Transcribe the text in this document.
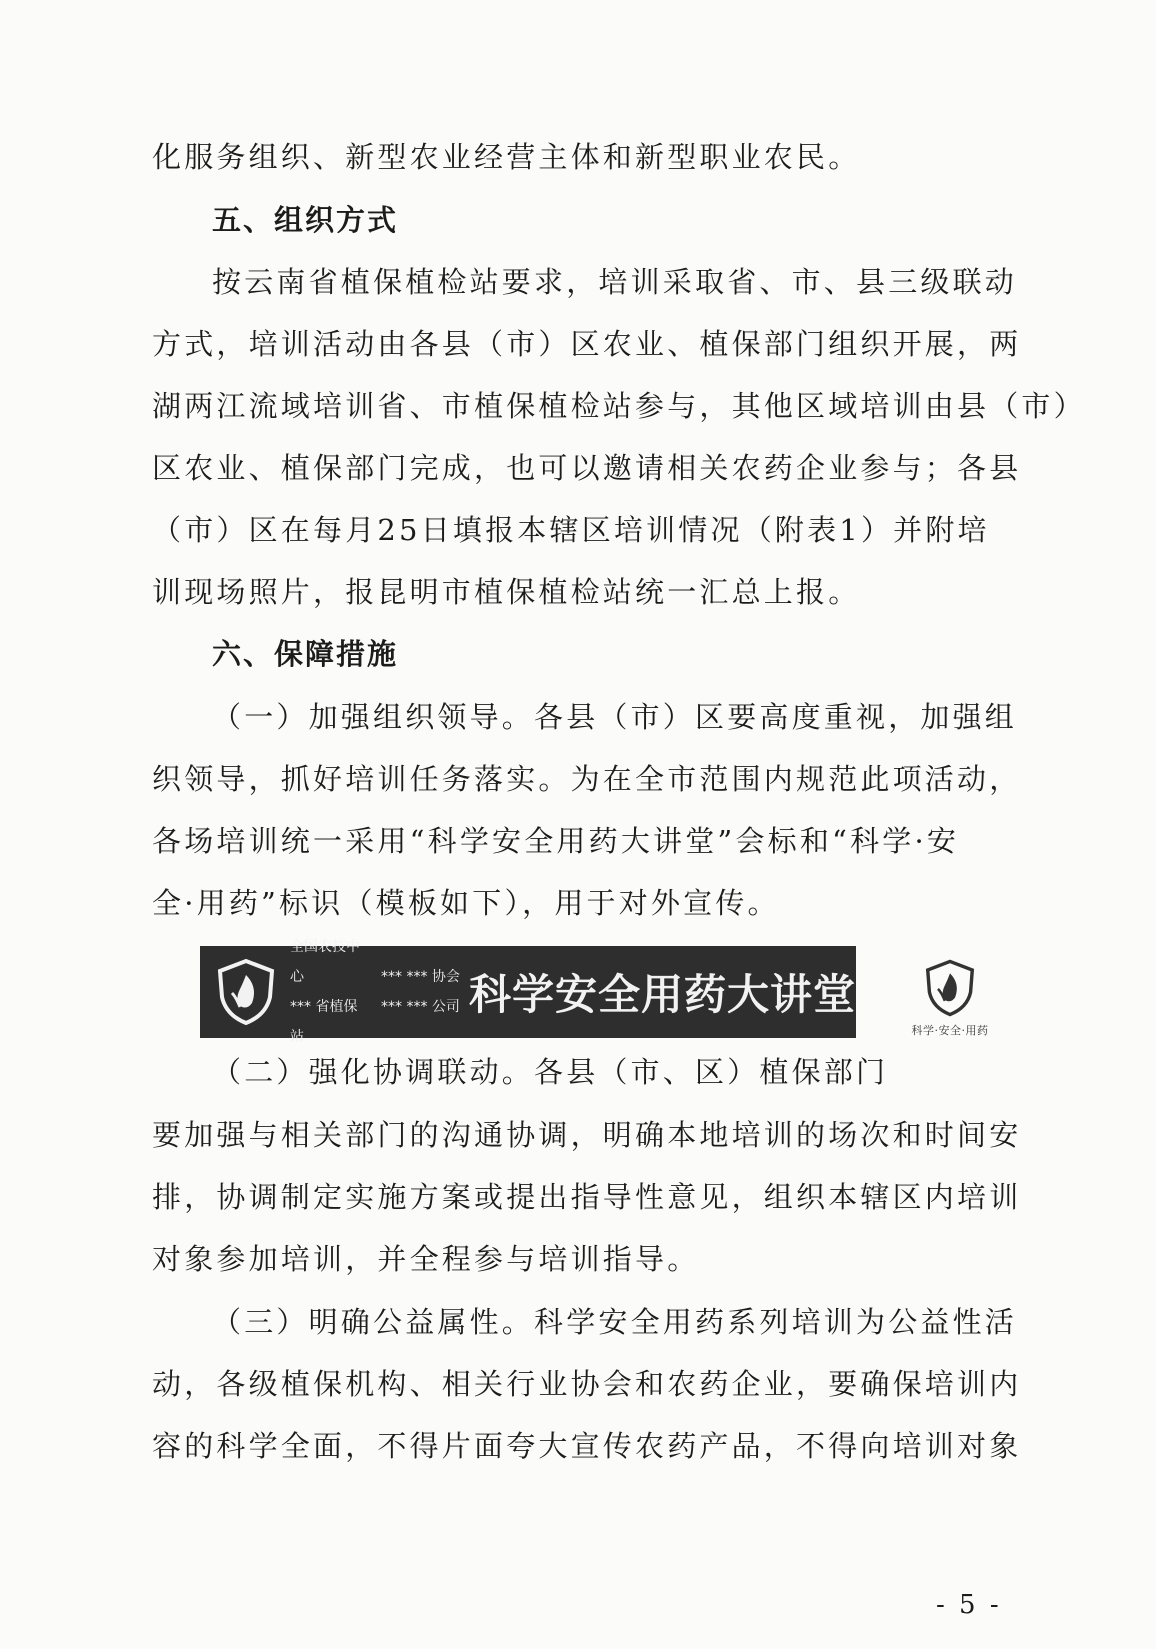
化服务组织、新型农业经营主体和新型职业农民。
五、组织方式
按云南省植保植检站要求，培训采取省、市、县三级联动
方式，培训活动由各县（市）区农业、植保部门组织开展，两
湖两江流域培训省、市植保植检站参与，其他区域培训由县（市）
区农业、植保部门完成，也可以邀请相关农药企业参与；各县
（市）区在每月25日填报本辖区培训情况（附表1）并附培
训现场照片，报昆明市植保植检站统一汇总上报。
六、保障措施
（一）加强组织领导。各县（市）区要高度重视，加强组
织领导，抓好培训任务落实。为在全市范围内规范此项活动，
各场培训统一采用“科学安全用药大讲堂”会标和“科学·安
全·用药”标识（模板如下），用于对外宣传。
全国农技中心
*** 省植保站
*** *** 协会
*** *** 公司 科学安全用药大讲堂
科学·安全·用药
（二）强化协调联动。各县（市、区）植保部门
要加强与相关部门的沟通协调，明确本地培训的场次和时间安
排，协调制定实施方案或提出指导性意见，组织本辖区内培训
对象参加培训，并全程参与培训指导。
（三）明确公益属性。科学安全用药系列培训为公益性活
动，各级植保机构、相关行业协会和农药企业，要确保培训内
容的科学全面，不得片面夸大宣传农药产品，不得向培训对象
- 5 -
